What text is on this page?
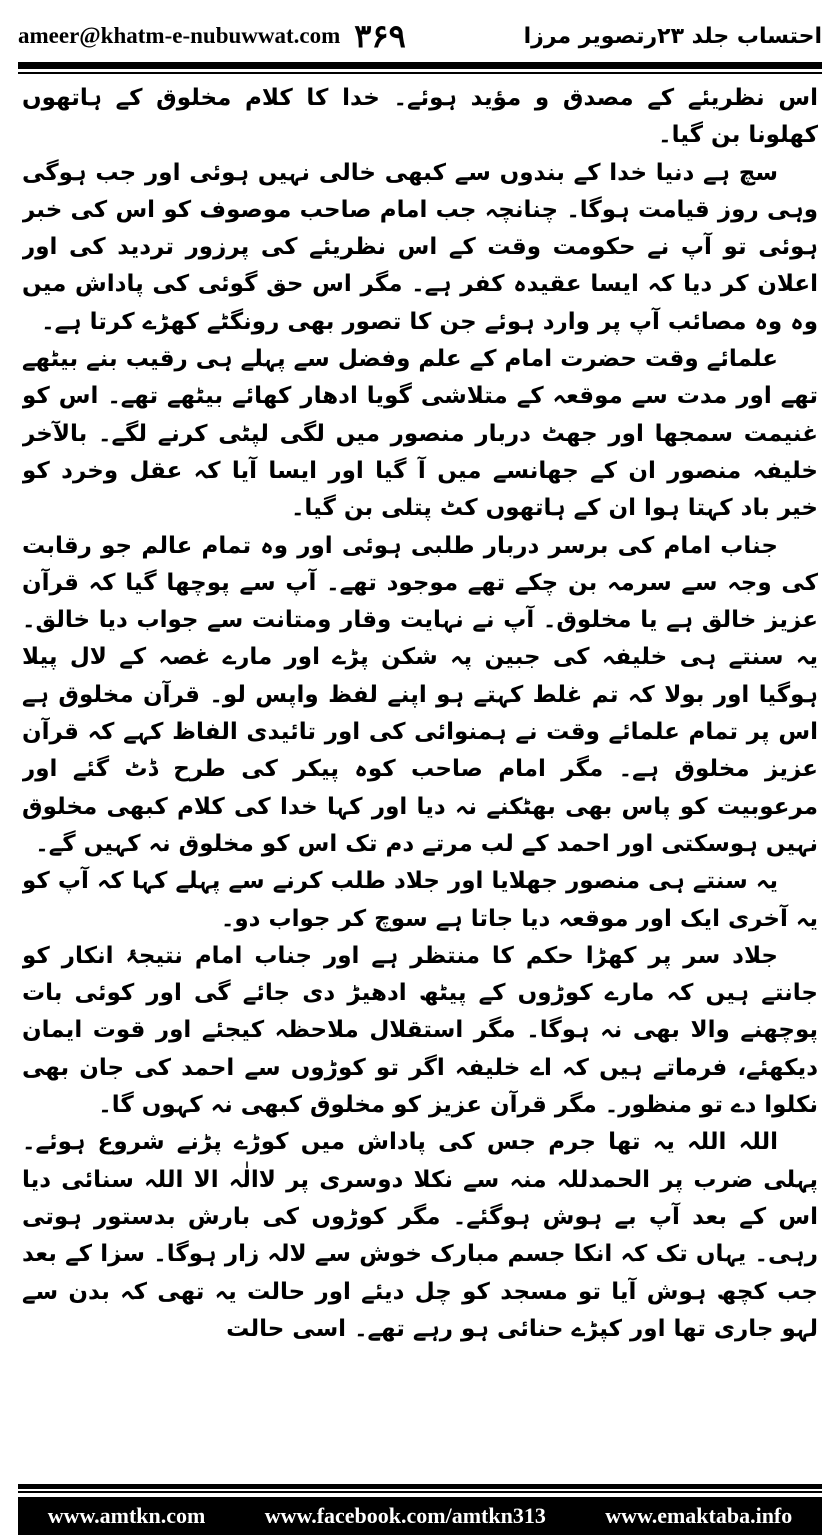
ameer@khatm-e-nubuwwat.com ۳۶۹	احتساب جلد ۲۳رتصویر مرزا

اس نظریئے کے مصدق و مؤید ہوئے۔ خدا کا کلام مخلوق کے ہاتھوں کھلونا بن گیا۔

سچ ہے دنیا خدا کے بندوں سے کبھی خالی نہیں ہوئی اور جب ہوگی وہی روز قیامت ہوگا۔ چنانچہ جب امام صاحب موصوف کو اس کی خبر ہوئی تو آپ نے حکومت وقت کے اس نظریئے کی پرزور تردید کی اور اعلان کر دیا کہ ایسا عقیدہ کفر ہے۔ مگر اس حق گوئی کی پاداش میں وہ وہ مصائب آپ پر وارد ہوئے جن کا تصور بھی رونگٹے کھڑے کرتا ہے۔

علمائے وقت حضرت امام کے علم وفضل سے پہلے ہی رقیب بنے بیٹھے تھے اور مدت سے موقعہ کے متلاشی گویا ادھار کھائے بیٹھے تھے۔ اس کو غنیمت سمجھا اور جھٹ دربار منصور میں لگی لپٹی کرنے لگے۔ بالآخر خلیفہ منصور ان کے جھانسے میں آ گیا اور ایسا آیا کہ عقل وخرد کو خیر باد کہتا ہوا ان کے ہاتھوں کٹ پتلی بن گیا۔

جناب امام کی برسر دربار طلبی ہوئی اور وہ تمام عالم جو رقابت کی وجہ سے سرمہ بن چکے تھے موجود تھے۔ آپ سے پوچھا گیا کہ قرآن عزیز خالق ہے یا مخلوق۔ آپ نے نہایت وقار ومتانت سے جواب دیا خالق۔ یہ سنتے ہی خلیفہ کی جبین پہ شکن پڑے اور مارے غصہ کے لال پیلا ہوگیا اور بولا کہ تم غلط کہتے ہو اپنے لفظ واپس لو۔ قرآن مخلوق ہے اس پر تمام علمائے وقت نے ہمنوائی کی اور تائیدی الفاظ کہے کہ قرآن عزیز مخلوق ہے۔ مگر امام صاحب کوہ پیکر کی طرح ڈٹ گئے اور مرعوبیت کو پاس بھی بھٹکنے نہ دیا اور کہا خدا کی کلام کبھی مخلوق نہیں ہوسکتی اور احمد کے لب مرتے دم تک اس کو مخلوق نہ کہیں گے۔

یہ سنتے ہی منصور جھلایا اور جلاد طلب کرنے سے پہلے کہا کہ آپ کو یہ آخری ایک اور موقعہ دیا جاتا ہے سوچ کر جواب دو۔

جلاد سر پر کھڑا حکم کا منتظر ہے اور جناب امام نتیجۂ انکار کو جانتے ہیں کہ مارے کوڑوں کے پیٹھ ادھیڑ دی جائے گی اور کوئی بات پوچھنے والا بھی نہ ہوگا۔ مگر استقلال ملاحظہ کیجئے اور قوت ایمان دیکھئے، فرماتے ہیں کہ اے خلیفہ اگر تو کوڑوں سے احمد کی جان بھی نکلوا دے تو منظور۔ مگر قرآن عزیز کو مخلوق کبھی نہ کہوں گا۔

اللہ اللہ یہ تھا جرم جس کی پاداش میں کوڑے پڑنے شروع ہوئے۔ پہلی ضرب پر الحمدللہ منہ سے نکلا دوسری پر لاالٰہ الا اللہ سنائی دیا اس کے بعد آپ بے ہوش ہوگئے۔ مگر کوڑوں کی بارش بدستور ہوتی رہی۔ یہاں تک کہ انکا جسم مبارک خوش سے لالہ زار ہوگا۔ سزا کے بعد جب کچھ ہوش آیا تو مسجد کو چل دیئے اور حالت یہ تھی کہ بدن سے لہو جاری تھا اور کپڑے حنائی ہو رہے تھے۔ اسی حالت

www.amtkn.com	www.facebook.com/amtkn313	www.emaktaba.info
